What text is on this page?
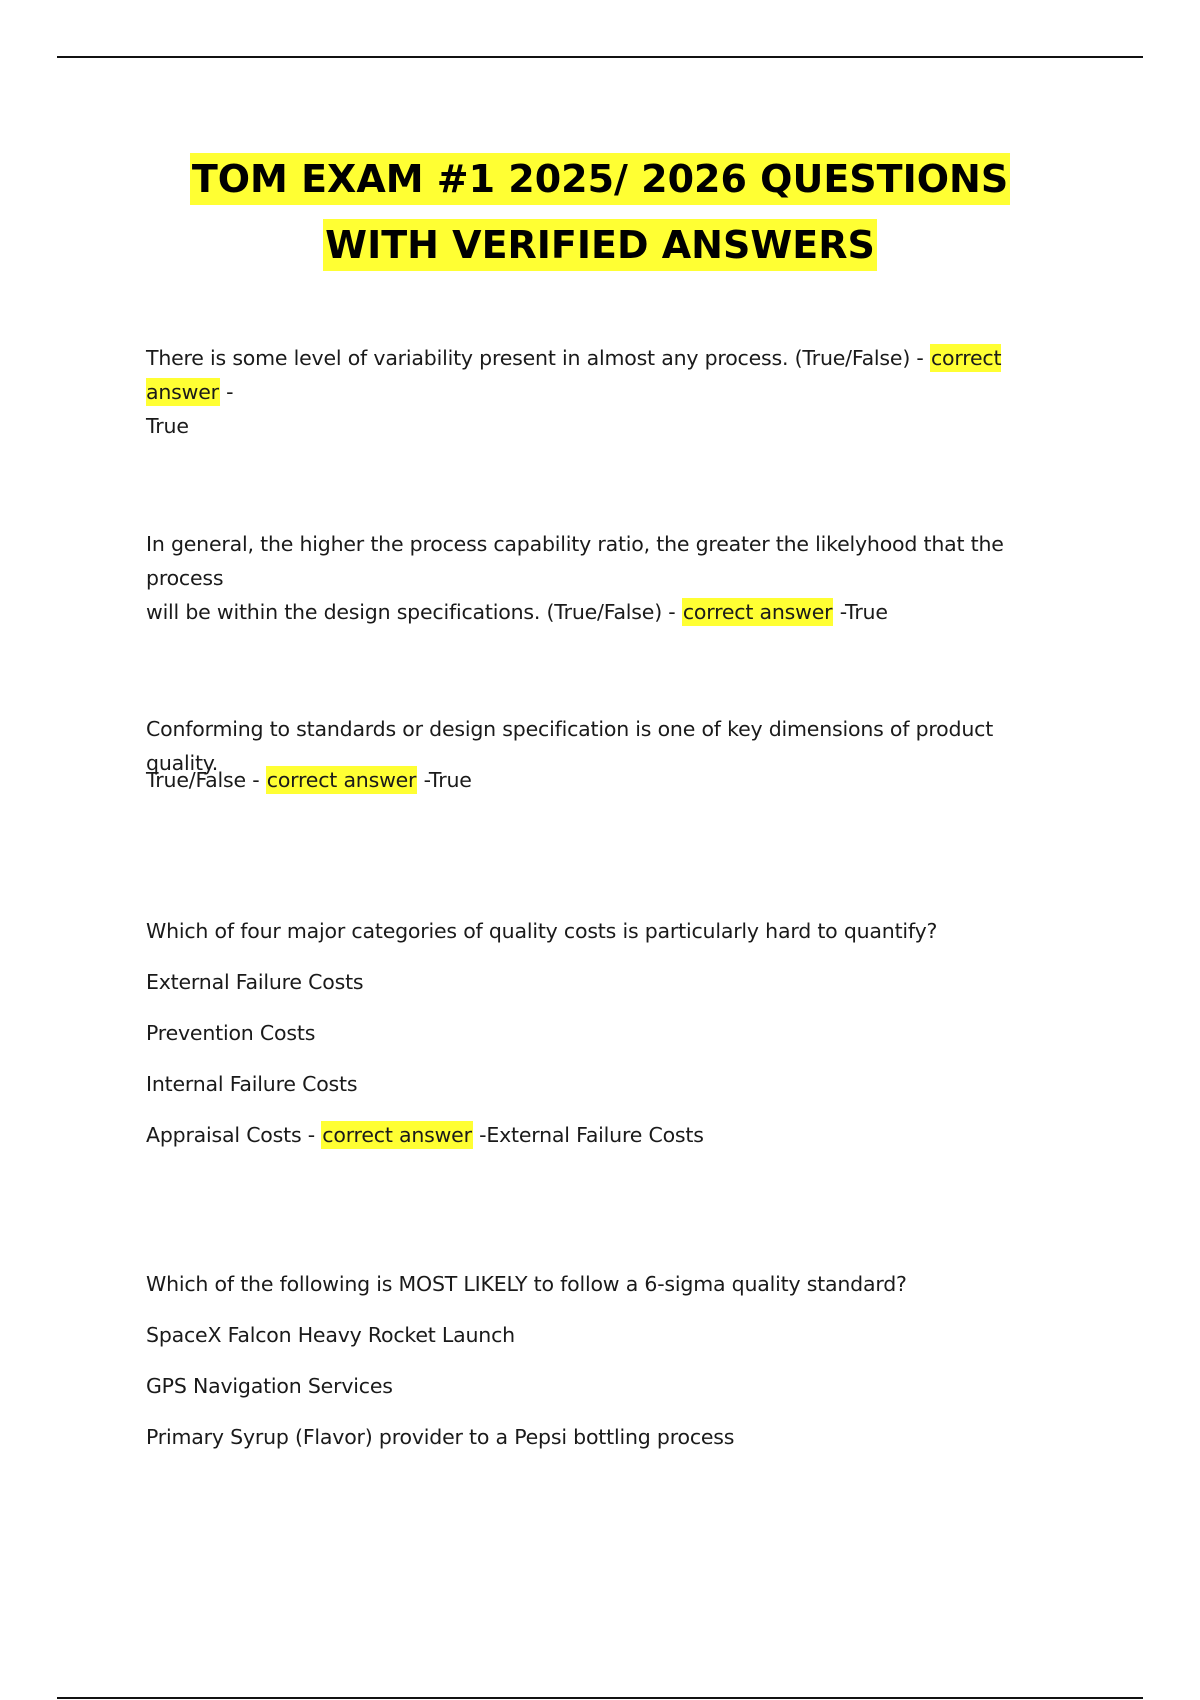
TOM EXAM #1 2025/ 2026 QUESTIONS
WITH VERIFIED ANSWERS
There is some level of variability present in almost any process. (True/False) - correct answer -
True
In general, the higher the process capability ratio, the greater the likelyhood that the process
will be within the design specifications. (True/False) - correct answer -True
Conforming to standards or design specification is one of key dimensions of product quality.
True/False - correct answer -True
Which of four major categories of quality costs is particularly hard to quantify?
External Failure Costs
Prevention Costs
Internal Failure Costs
Appraisal Costs - correct answer -External Failure Costs
Which of the following is MOST LIKELY to follow a 6-sigma quality standard?
SpaceX Falcon Heavy Rocket Launch
GPS Navigation Services
Primary Syrup (Flavor) provider to a Pepsi bottling process
